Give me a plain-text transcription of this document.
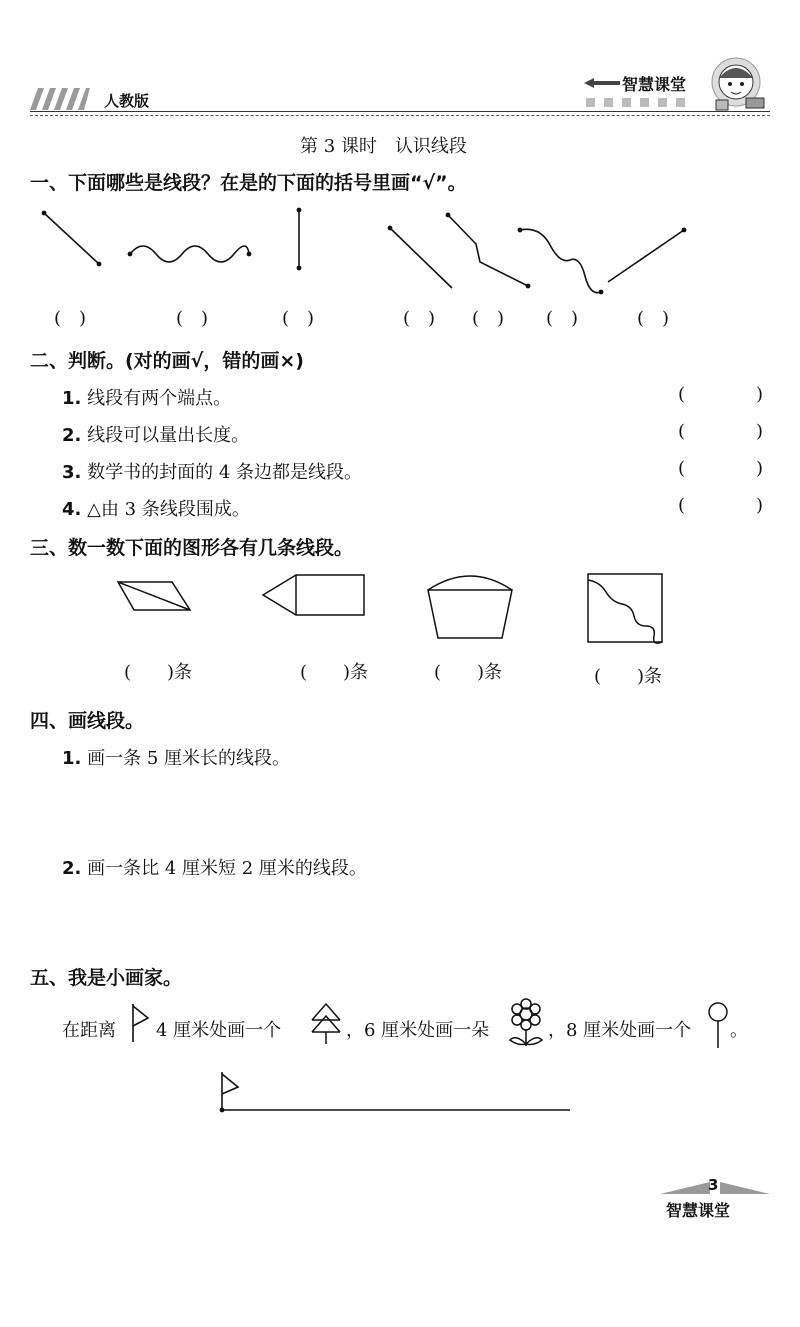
人教版
智慧课堂
第 3 课时　认识线段
一、下面哪些是线段？在是的下面的括号里画“√”。
(　)	(　)	(　)	(　) (　) (　)	(　)
二、判断。(对的画√，错的画×)
1. 线段有两个端点。	(	)
2. 线段可以量出长度。	(	)
3. 数学书的封面的 4 条边都是线段。	(	)
4. △由 3 条线段围成。	(	)
三、数一数下面的图形各有几条线段。
(　　)条	(　　)条	(　　)条	(　　)条
四、画线段。
1. 画一条 5 厘米长的线段。
2. 画一条比 4 厘米短 2 厘米的线段。
五、我是小画家。
在距离 4 厘米处画一个	，6 厘米处画一朵	，8 厘米处画一个 。
3
智慧课堂
